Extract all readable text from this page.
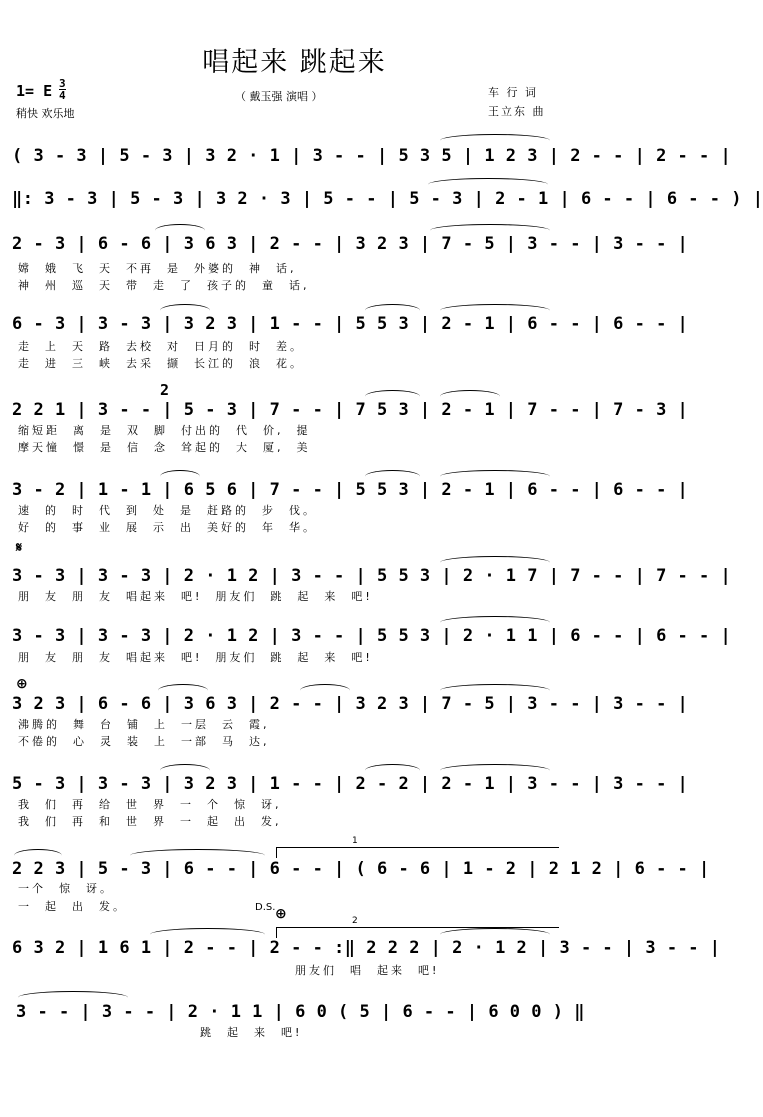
唱起来 跳起来
（ 戴玉强 演唱 ）
1= E $\frac{3}{4}$
稍快 欢乐地
车 行 词
王立东 曲
( 3 - 3 | 5 - 3 | 3 2 · 1 | 3 - - | 5 3 5 | 1 2 3 | 2 - - | 2 - - |
‖: 3 - 3 | 5 - 3 | 3 2 · 3 | 5 - - | 5 - 3 | 2 - 1 | 6 - - | 6 - - ) |
2 - 3 | 6 - 6 | 3 6 3 | 2 - - | 3 2 3 | 7 - 5 | 3 - - | 3 - - |
嫦  娥  飞  天  不再  是  外婆的  神  话,
神  州  巡  天  带  走  了  孩子的  童  话,
6 - 3 | 3 - 3 | 3 2 3 | 1 - - | 5 5 3 | 2 - 1 | 6 - - | 6 - - |
走  上  天  路  去校  对  日月的  时  差。
走  进  三  峡  去采  撷  长江的  浪  花。
2
2 2 1 | 3 - - | 5 - 3 | 7 - - | 7 5 3 | 2 - 1 | 7 - - | 7 - 3 |
缩短距  离  是  双  脚  付出的  代  价,  提
摩天憧  憬  是  信  念  耸起的  大  厦,  美
3 - 2 | 1 - 1 | 6 5 6 | 7 - - | 5 5 3 | 2 - 1 | 6 - - | 6 - - |
速  的  时  代  到  处  是  赶路的  步  伐。
好  的  事  业  展  示  出  美好的  年  华。
𝄋
3 - 3 | 3 - 3 | 2 · 1 2 | 3 - - | 5 5 3 | 2 · 1 7 | 7 - - | 7 - - |
朋  友  朋  友  唱起来  吧!  朋友们  跳  起  来  吧!
3 - 3 | 3 - 3 | 2 · 1 2 | 3 - - | 5 5 3 | 2 · 1 1 | 6 - - | 6 - - |
朋  友  朋  友  唱起来  吧!  朋友们  跳  起  来  吧!
⊕
3 2 3 | 6 - 6 | 3 6 3 | 2 - - | 3 2 3 | 7 - 5 | 3 - - | 3 - - |
沸腾的  舞  台  铺  上  一层  云  霞,
不倦的  心  灵  装  上  一部  马  达,
5 - 3 | 3 - 3 | 3 2 3 | 1 - - | 2 - 2 | 2 - 1 | 3 - - | 3 - - |
我  们  再  给  世  界  一  个  惊  讶,
我  们  再  和  世  界  一  起  出  发,
1
2 2 3 | 5 - 3 | 6 - - | 6 - - | ( 6 - 6 | 1 - 2 | 2 1 2 | 6 - - |
一个  惊  讶。
一  起  出  发。	D.S. ⊕	2
6 3 2 | 1 6 1 | 2 - - | 2 - - :‖ 2 2 2 | 2 · 1 2 | 3 - - | 3 - - |
朋友们  唱  起来  吧!
3 - - | 3 - - | 2 · 1 1 | 6 0 ( 5 | 6 - - | 6 0 0 ) ‖
跳  起  来  吧!
